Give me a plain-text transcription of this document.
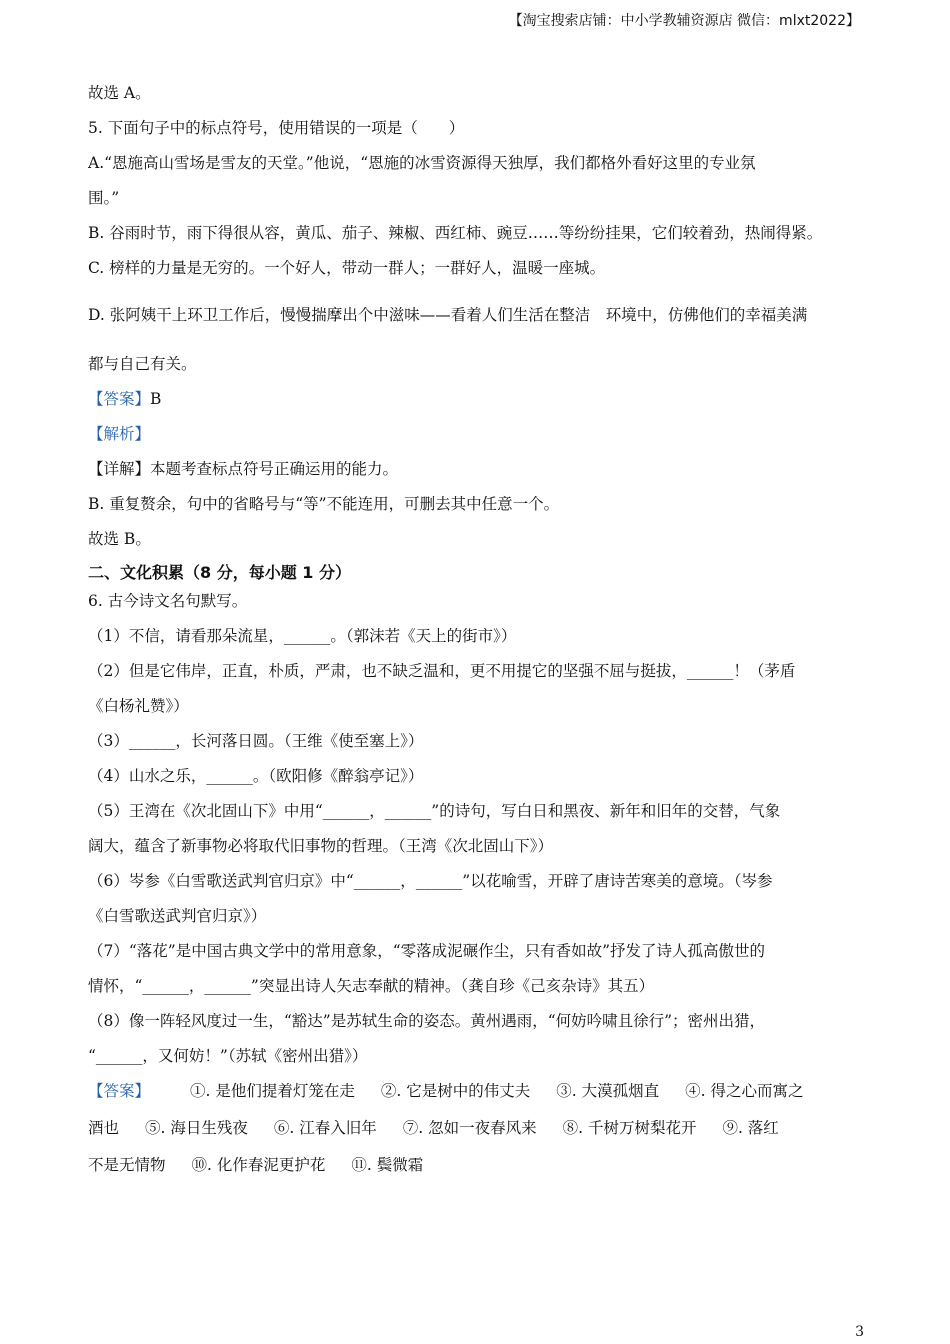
【淘宝搜索店铺：中小学教辅资源店 微信：mlxt2022】

故选 A。

5. 下面句子中的标点符号，使用错误的一项是（　　）

A.“恩施高山雪场是雪友的天堂。”他说，“恩施的冰雪资源得天独厚，我们都格外看好这里的专业氛

围。”

B. 谷雨时节，雨下得很从容，黄瓜、茄子、辣椒、西红柿、豌豆……等纷纷挂果，它们较着劲，热闹得紧。

C. 榜样的力量是无穷的。一个好人，带动一群人；一群好人，温暖一座城。

D. 张阿姨干上环卫工作后，慢慢揣摩出个中滋味——看着人们生活在整洁　环境中，仿佛他们的幸福美满

都与自己有关。

【答案】B

【解析】

【详解】本题考查标点符号正确运用的能力。

B. 重复赘余，句中的省略号与“等”不能连用，可删去其中任意一个。

故选 B。

二、文化积累（8 分，每小题 1 分）

6. 古今诗文名句默写。

（1）不信，请看那朵流星，______。（郭沫若《天上的街市》）

（2）但是它伟岸，正直，朴质，严肃，也不缺乏温和，更不用提它的坚强不屈与挺拔，______！（茅盾

《白杨礼赞》）

（3）______，长河落日圆。（王维《使至塞上》）

（4）山水之乐，______。（欧阳修《醉翁亭记》）

（5）王湾在《次北固山下》中用“______，______”的诗句，写白日和黑夜、新年和旧年的交替，气象

阔大，蕴含了新事物必将取代旧事物的哲理。（王湾《次北固山下》）

（6）岑参《白雪歌送武判官归京》中“______，______”以花喻雪，开辟了唐诗苦寒美的意境。（岑参

《白雪歌送武判官归京》）

（7）“落花”是中国古典文学中的常用意象，“零落成泥碾作尘，只有香如故”抒发了诗人孤高傲世的

情怀，“______，______”突显出诗人矢志奉献的精神。（龚自珍《己亥杂诗》其五）

（8）像一阵轻风度过一生，“豁达”是苏轼生命的姿态。黄州遇雨，“何妨吟啸且徐行”；密州出猎，

“______，又何妨！”（苏轼《密州出猎》）

【答案】	①. 是他们提着灯笼在走 ②. 它是树中的伟丈夫 ③. 大漠孤烟直 ④. 得之心而寓之
酒也 ⑤. 海日生残夜 ⑥. 江春入旧年 ⑦. 忽如一夜春风来 ⑧. 千树万树梨花开 ⑨. 落红
不是无情物 ⑩. 化作春泥更护花 ⑪. 鬓微霜
3
